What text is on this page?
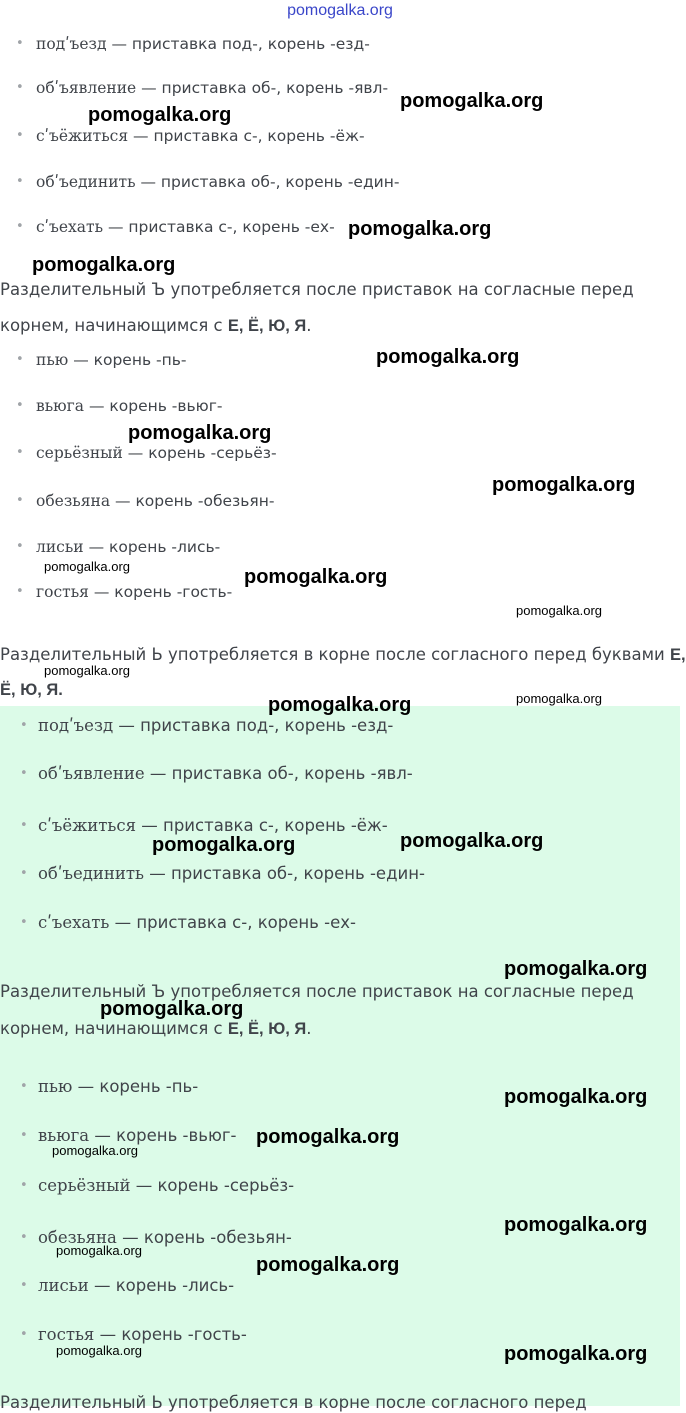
pomogalka.org
• подʹъезд — приставка под-, корень -езд-
• обʹъявление — приставка об-, корень -явл-
• сʹъёжиться — приставка с-, корень -ёж-
• обʹъединить — приставка об-, корень -един-
• сʹъехать — приставка с-, корень -ех-
Разделительный Ъ употребляется после приставок на согласные перед
корнем, начинающимся с Е, Ё, Ю, Я.
• пью — корень -пь-
• вьюга — корень -вьюг-
• серьёзный — корень -серьёз-
• обезьяна — корень -обезьян-
• лисьи — корень -лись-
• гостья — корень -гость-
Разделительный Ь употребляется в корне после согласного перед буквами Е,
Ё, Ю, Я.
• подʹъезд — приставка под-, корень -езд-
• обʹъявление — приставка об-, корень -явл-
• сʹъёжиться — приставка с-, корень -ёж-
• обʹъединить — приставка об-, корень -един-
• сʹъехать — приставка с-, корень -ех-
Разделительный Ъ употребляется после приставок на согласные перед
корнем, начинающимся с Е, Ё, Ю, Я.
• пью — корень -пь-
• вьюга — корень -вьюг-
• серьёзный — корень -серьёз-
• обезьяна — корень -обезьян-
• лисьи — корень -лись-
• гостья — корень -гость-
Разделительный Ь употребляется в корне после согласного перед
pomogalka.org
pomogalka.org
pomogalka.org
pomogalka.org
pomogalka.org
pomogalka.org
pomogalka.org
pomogalka.org	pomogalka.org
pomogalka.org
pomogalka.org
pomogalka.org
pomogalka.org
pomogalka.org	pomogalka.org
pomogalka.org
pomogalka.org
pomogalka.org
pomogalka.org
pomogalka.org
pomogalka.org
pomogalka.org
pomogalka.org
pomogalka.org	pomogalka.org
